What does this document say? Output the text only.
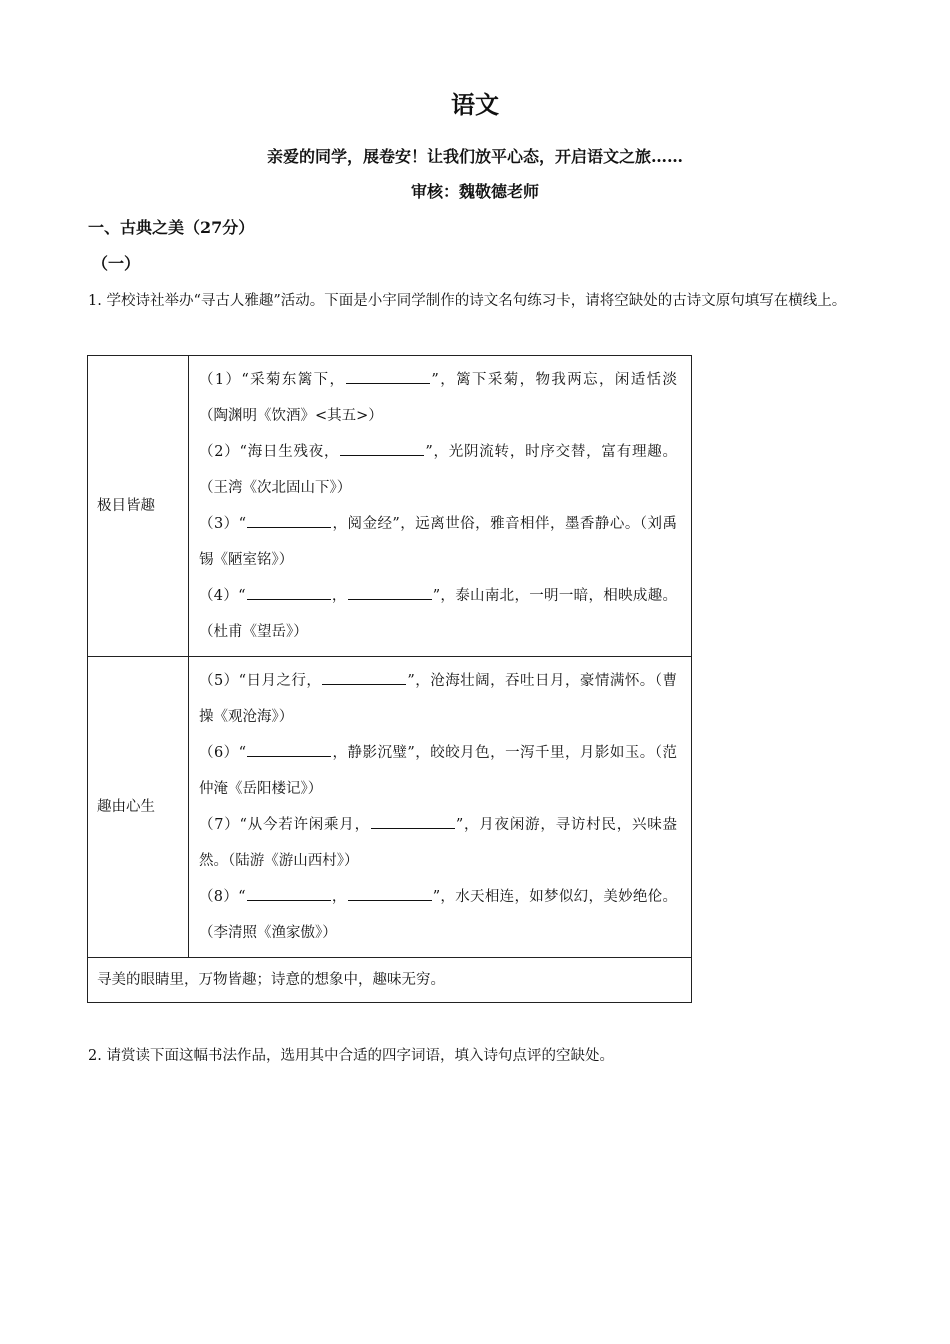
语文
亲爱的同学，展卷安！让我们放平心态，开启语文之旅……
审核：魏敬德老师
一、古典之美（27分）
（一）
1. 学校诗社举办“寻古人雅趣”活动。下面是小宇同学制作的诗文名句练习卡，请将空缺处的古诗文原句填写在横线上。
极目皆趣	（1）“采菊东篱下， ”，篱下采菊，物我两忘，闲适恬淡　（陶渊明《饮酒》<其五>）

（2）“海日生残夜， ”，光阴流转，时序交替，富有理趣。（王湾《次北固山下》）

（3）“ ，阅金经”，远离世俗，雅音相伴，墨香静心。（刘禹锡《陋室铭》）

（4）“ ， ”，泰山南北，一明一暗，相映成趣。（杜甫《望岳》）

趣由心生	（5）“日月之行， ”，沧海壮阔，吞吐日月，豪情满怀。（曹操《观沧海》）

（6）“ ，静影沉璧”，皎皎月色，一泻千里，月影如玉。（范仲淹《岳阳楼记》）

（7）“从今若许闲乘月， ”，月夜闲游，寻访村民，兴味盎然。（陆游《游山西村》）

（8）“ ， ”，水天相连，如梦似幻，美妙绝伦。（李清照《渔家傲》）

寻美的眼睛里，万物皆趣；诗意的想象中，趣味无穷。	
2. 请赏读下面这幅书法作品，选用其中合适的四字词语，填入诗句点评的空缺处。
